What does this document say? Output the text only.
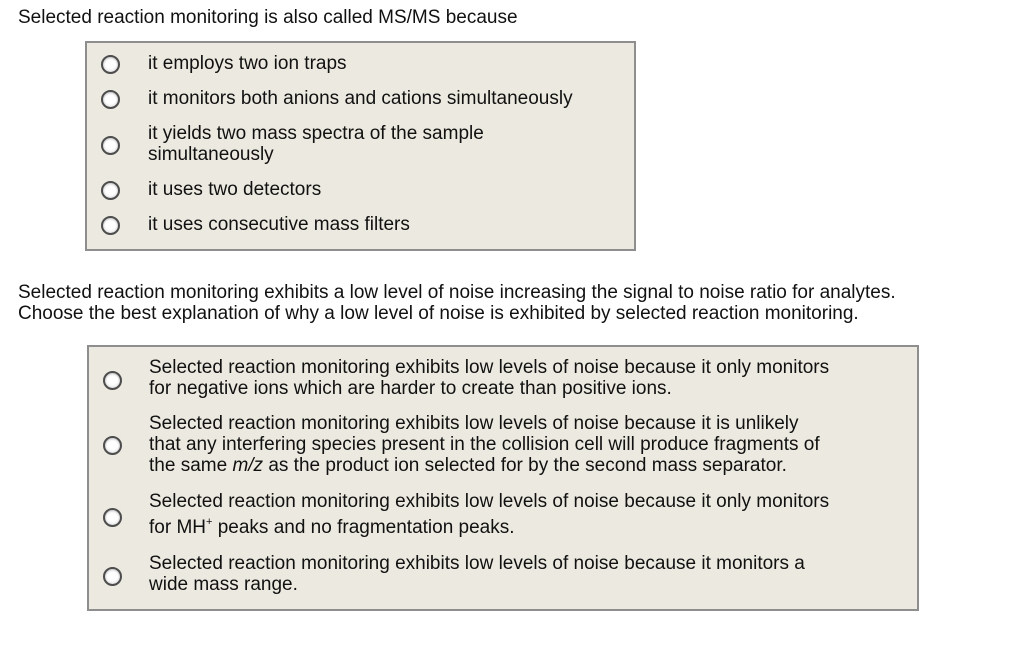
Selected reaction monitoring is also called MS/MS because

it employs two ion traps
it monitors both anions and cations simultaneously
it yields two mass spectra of the sample
simultaneously
it uses two detectors
it uses consecutive mass filters

Selected reaction monitoring exhibits a low level of noise increasing the signal to noise ratio for analytes.
Choose the best explanation of why a low level of noise is exhibited by selected reaction monitoring.

Selected reaction monitoring exhibits low levels of noise because it only monitors
for negative ions which are harder to create than positive ions.
Selected reaction monitoring exhibits low levels of noise because it is unlikely
that any interfering species present in the collision cell will produce fragments of
the same m/z as the product ion selected for by the second mass separator.
Selected reaction monitoring exhibits low levels of noise because it only monitors
for MH+ peaks and no fragmentation peaks.
Selected reaction monitoring exhibits low levels of noise because it monitors a
wide mass range.
